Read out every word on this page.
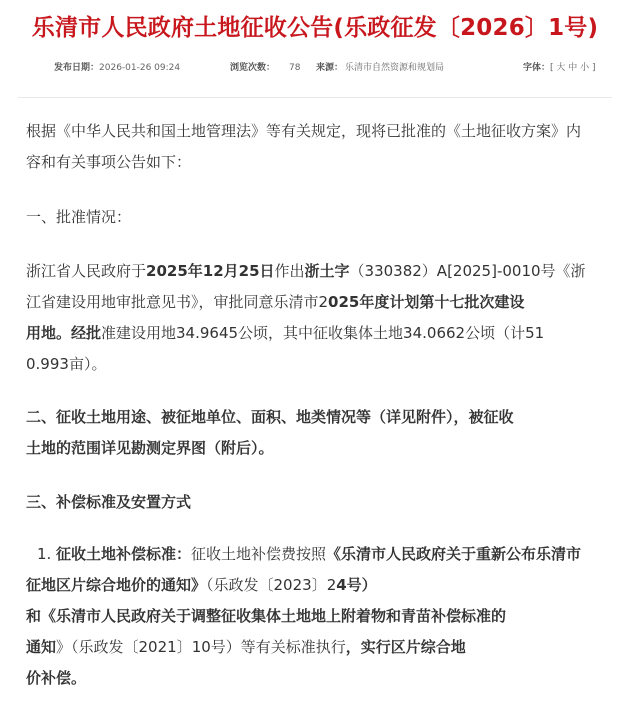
乐清市人民政府土地征收公告(乐政征发〔2026〕1号)
发布日期：2026-01-26 09:24	浏览次数： 78 来源： 乐清市自然资源和规划局	字体：[ 大 中 小 ]
根据《中华人民共和国土地管理法》等有关规定，现将已批准的《土地征收方案》内
容和有关事项公告如下：
一、批准情况：
浙江省人民政府于2025年12月25日作出浙土字（330382）A[2025]-0010号《浙
江省建设用地审批意见书》，审批同意乐清市2025年度计划第十七批次建设
用地。经批准建设用地34.9645公顷，其中征收集体土地34.0662公顷（计51
0.993亩）。
二、征收土地用途、被征地单位、面积、地类情况等（详见附件），被征收
土地的范围详见勘测定界图（附后）。
三、补偿标准及安置方式
1. 征收土地补偿标准：征收土地补偿费按照《乐清市人民政府关于重新公布乐清市
征地区片综合地价的通知》（乐政发〔2023〕24号）
和《乐清市人民政府关于调整征收集体土地地上附着物和青苗补偿标准的
通知》（乐政发〔2021〕10号）等有关标准执行，实行区片综合地
价补偿。
